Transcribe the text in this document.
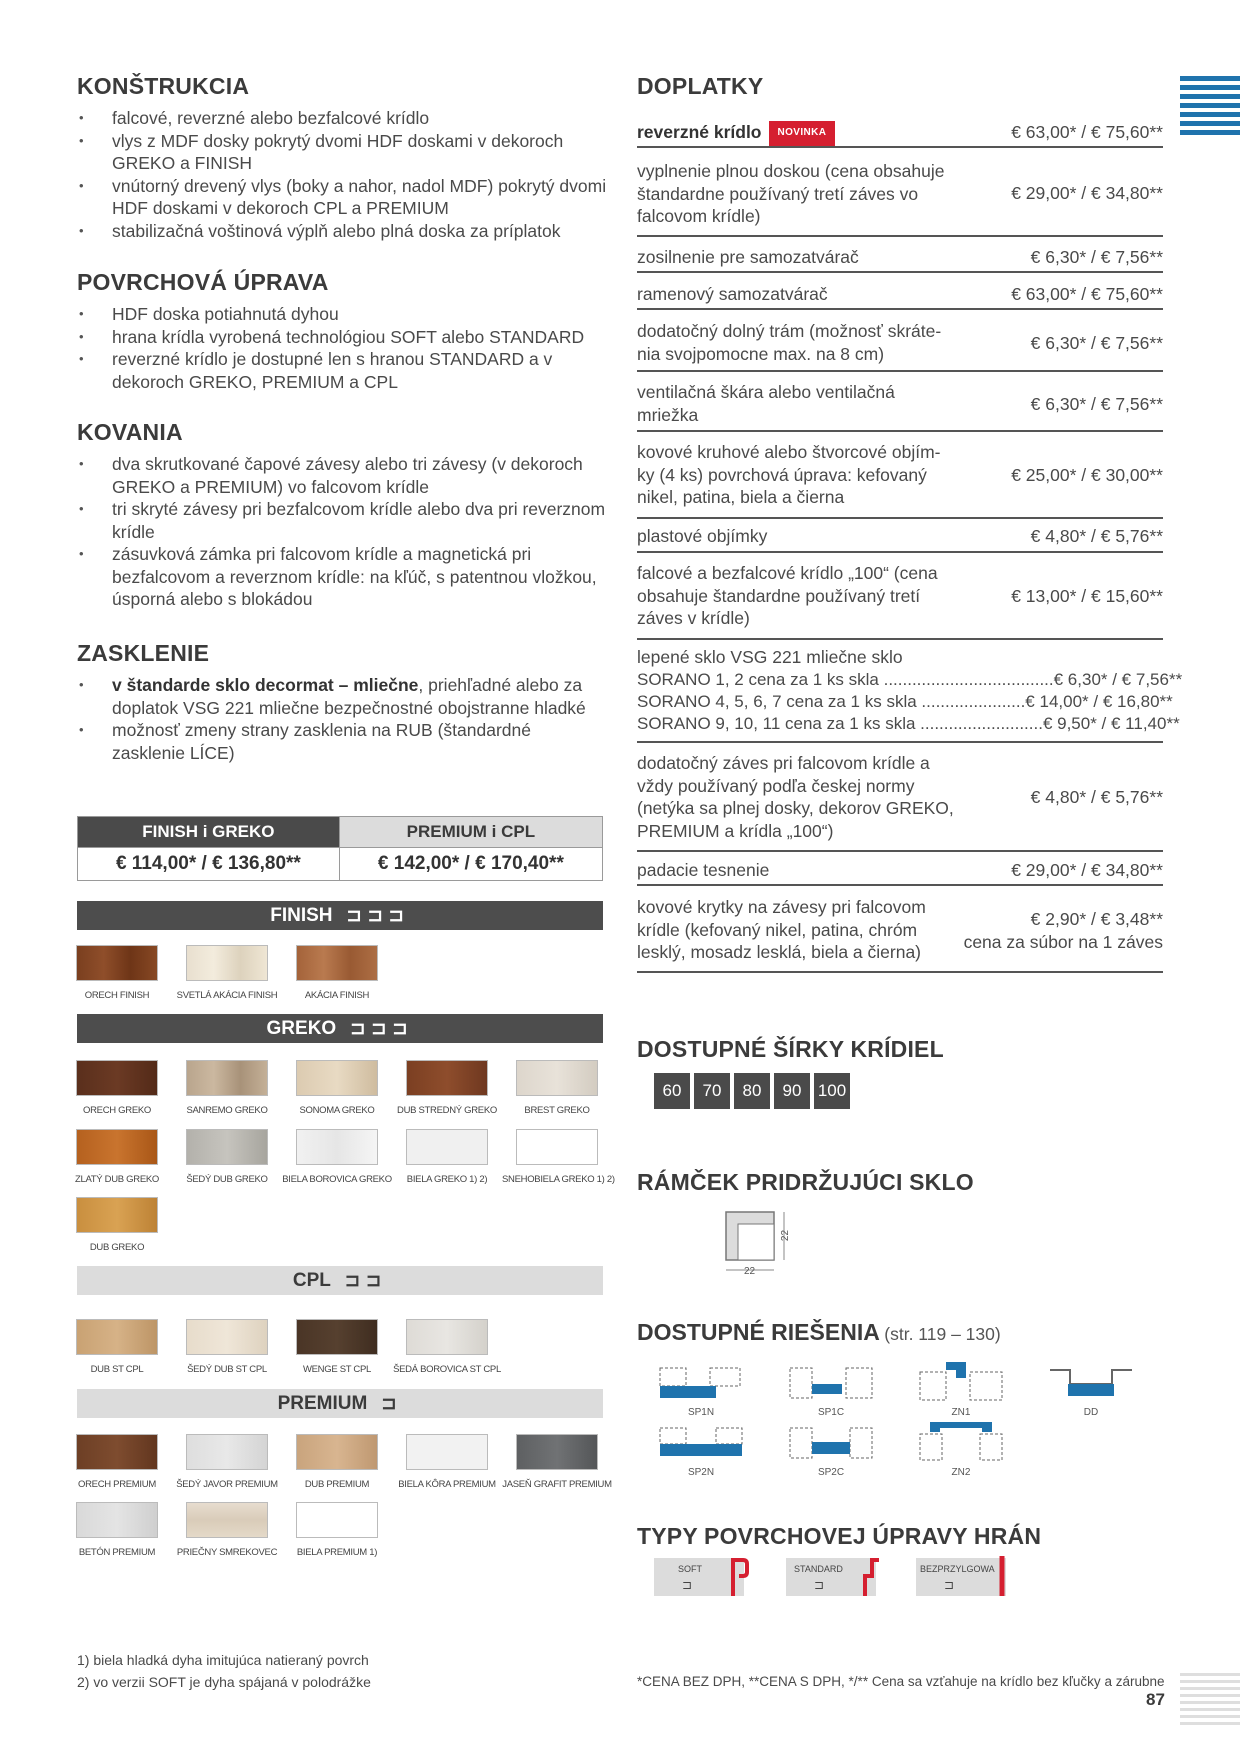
KONŠTRUKCIA
• falcové, reverzné alebo bezfalcové krídlo
• vlys z MDF dosky pokrytý dvomi HDF doskami v dekoroch GREKO a FINISH
• vnútorný drevený vlys (boky a nahor, nadol MDF) pokrytý dvomi HDF doskami v dekoroch CPL a PREMIUM
• stabilizačná voštinová výplň alebo plná doska za príplatok
POVRCHOVÁ ÚPRAVA
• HDF doska potiahnutá dyhou
• hrana krídla vyrobená technológiou SOFT alebo STANDARD
• reverzné krídlo je dostupné len s hranou STANDARD a v dekoroch GREKO, PREMIUM a CPL
KOVANIA
• dva skrutkované čapové závesy alebo tri závesy (v dekoroch GREKO a PREMIUM) vo falcovom krídle
• tri skryté závesy pri bezfalcovom krídle alebo dva pri reverznom krídle
• zásuvková zámka pri falcovom krídle a magnetická pri bezfalcovom a reverznom krídle: na kľúč, s patentnou vložkou, úsporná alebo s blokádou
ZASKLENIE
• v štandarde sklo decormat – mliečne, priehľadné alebo za doplatok VSG 221 mliečne bezpečnostné obojstranne hladké
• možnosť zmeny strany zasklenia na RUB (štandardné zasklenie LÍCE)
FINISH i GREKO	PREMIUM i CPL
€ 114,00* / € 136,80**	€ 142,00* / € 170,40**
FINISH ⊐⊐⊐
ORECH FINISH	SVETLÁ AKÁCIA FINISH	AKÁCIA FINISH
GREKO ⊐⊐⊐
ORECH GREKO	SANREMO GREKO	SONOMA GREKO	DUB STREDNÝ GREKO	BREST GREKO
ZLATÝ DUB GREKO	ŠEDÝ DUB GREKO	BIELA BOROVICA GREKO	BIELA GREKO 1) 2)	SNEHOBIELA GREKO 1) 2)
DUB GREKO
CPL ⊐⊐
DUB ST CPL	ŠEDÝ DUB ST CPL	WENGE ST CPL	ŠEDÁ BOROVICA ST CPL
PREMIUM ⊐
ORECH PREMIUM	ŠEDÝ JAVOR PREMIUM	DUB PREMIUM	BIELA KÔRA PREMIUM JASEŇ GRAFIT PREMIUM
BETÓN PREMIUM	PRIEČNY SMREKOVEC	BIELA PREMIUM 1)
1) biela hladká dyha imitujúca natieraný povrch
2) vo verzii SOFT je dyha spájaná v polodrážke
DOPLATKY
reverzné krídlo NOVINKA	€ 63,00* / € 75,60**
vyplnenie plnou doskou (cena obsahuje štandardne používaný tretí záves vo falcovom krídle)
€ 29,00* / € 34,80**
zosilnenie pre samozatvárač	€ 6,30* / € 7,56**
ramenový samozatvárač	€ 63,00* / € 75,60**
dodatočný dolný trám (možnosť skráte-nia svojpomocne max. na 8 cm)
€ 6,30* / € 7,56**
ventilačná škára alebo ventilačná mriežka
€ 6,30* / € 7,56**
kovové kruhové alebo štvorcové objím-ky (4 ks) povrchová úprava: kefovaný nikel, patina, biela a čierna
€ 25,00* / € 30,00**
plastové objímky	€ 4,80* / € 5,76**
falcové a bezfalcové krídlo „100“ (cena obsahuje štandardne používaný tretí záves v krídle)
€ 13,00* / € 15,60**
lepené sklo VSG 221 mliečne sklo
SORANO 1, 2 cena za 1 ks skla ....................................€ 6,30* / € 7,56**
SORANO 4, 5, 6, 7 cena za 1 ks skla ......................€ 14,00* / € 16,80**
SORANO 9, 10, 11 cena za 1 ks skla ..........................€ 9,50* / € 11,40**
dodatočný záves pri falcovom krídle a vždy používaný podľa českej normy (netýka sa plnej dosky, dekorov GREKO, PREMIUM a krídla „100“)
€ 4,80* / € 5,76**
padacie tesnenie	€ 29,00* / € 34,80**
kovové krytky na závesy pri falcovom krídle (kefovaný nikel, patina, chróm lesklý, mosadz lesklá, biela a čierna)
€ 2,90* / € 3,48**
cena za súbor na 1 záves
DOSTUPNÉ ŠÍRKY KRÍDIEL
60 70 80 90 100
RÁMČEK PRIDRŽUJÚCI SKLO
22
22
DOSTUPNÉ RIEŠENIA (str. 119 – 130)
SP1N	SP1C	ZN1	DD
SP2N	SP2C	ZN2
TYPY POVRCHOVEJ ÚPRAVY HRÁN
SOFT
⊐
STANDARD
⊐
BEZPRZYLGOWA
⊐
*CENA BEZ DPH, **CENA S DPH, */** Cena sa vzťahuje na krídlo bez kľučky a zárubne
87
